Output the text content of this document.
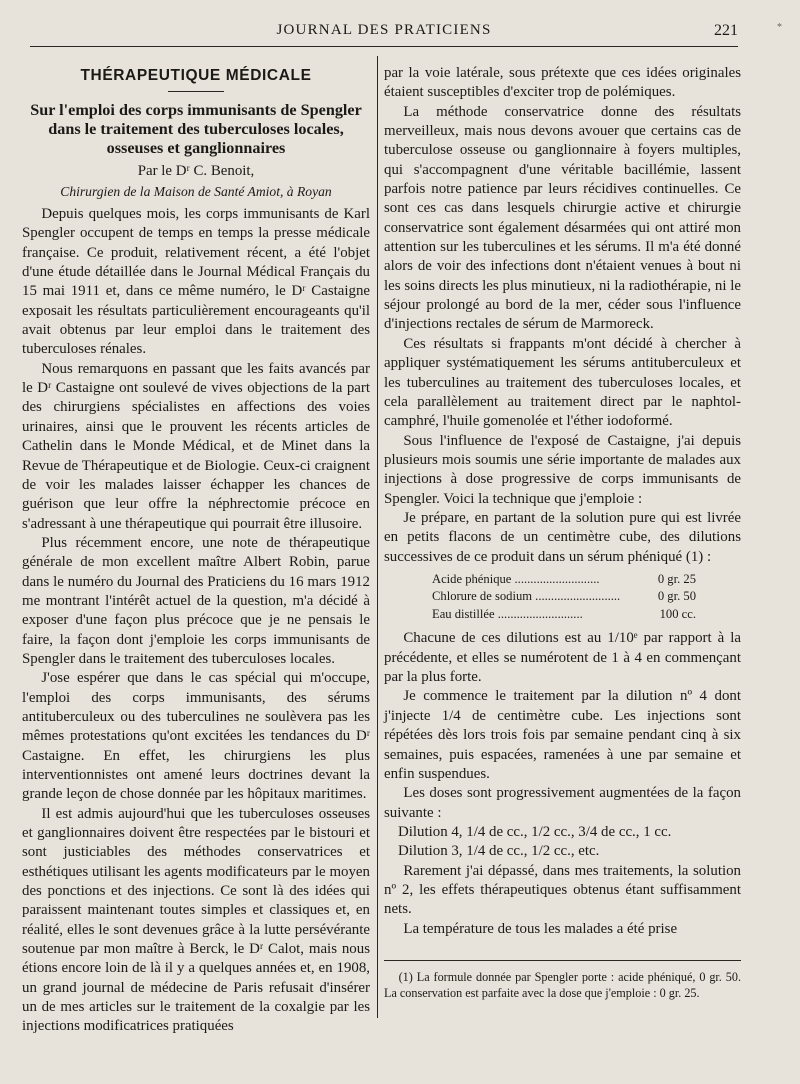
JOURNAL DES PRATICIENS	221	*
THÉRAPEUTIQUE MÉDICALE
Sur l'emploi des corps immunisants de Spengler dans le traitement des tuberculoses locales, osseuses et ganglionnaires

Par le Dʳ C. Benoit,

Chirurgien de la Maison de Santé Amiot, à Royan

Depuis quelques mois, les corps immunisants de Karl Spengler occupent de temps en temps la presse médicale française. Ce produit, relativement récent, a été l'objet d'une étude détaillée dans le Journal Médical Français du 15 mai 1911 et, dans ce même numéro, le Dʳ Castaigne exposait les résultats particulièrement encourageants qu'il avait obtenus par leur emploi dans le traitement des tuberculoses rénales.

Nous remarquons en passant que les faits avancés par le Dʳ Castaigne ont soulevé de vives objections de la part des chirurgiens spécialistes en affections des voies urinaires, ainsi que le prouvent les récents articles de Cathelin dans le Monde Médical, et de Minet dans la Revue de Thérapeutique et de Biologie. Ceux-ci craignent de voir les malades laisser échapper les chances de guérison que leur offre la néphrectomie précoce en s'adressant à une thérapeutique qui pourrait être illusoire.

Plus récemment encore, une note de thérapeutique générale de mon excellent maître Albert Robin, parue dans le numéro du Journal des Praticiens du 16 mars 1912 me montrant l'intérêt actuel de la question, m'a décidé à exposer d'une façon plus précoce que je ne pensais le faire, la façon dont j'emploie les corps immunisants de Spengler dans le traitement des tuberculoses locales.

J'ose espérer que dans le cas spécial qui m'occupe, l'emploi des corps immunisants, des sérums antituberculeux ou des tuberculines ne soulèvera pas les mêmes protestations qu'ont excitées les tendances du Dʳ Castaigne. En effet, les chirurgiens les plus interventionnistes ont amené leurs doctrines devant la grande leçon de chose donnée par les hôpitaux maritimes.

Il est admis aujourd'hui que les tuberculoses osseuses et ganglionnaires doivent être respectées par le bistouri et sont justiciables des méthodes conservatrices et esthétiques utilisant les agents modificateurs par le moyen des ponctions et des injections. Ce sont là des idées qui paraissent maintenant toutes simples et classiques et, en réalité, elles le sont devenues grâce à la lutte persévérante soutenue par mon maître à Berck, le Dʳ Calot, mais nous étions encore loin de là il y a quelques années et, en 1908, un grand journal de médecine de Paris refusait d'insérer un de mes articles sur le traitement de la coxalgie par les injections modificatrices pratiquées

par la voie latérale, sous prétexte que ces idées originales étaient susceptibles d'exciter trop de polémiques.

La méthode conservatrice donne des résultats merveilleux, mais nous devons avouer que certains cas de tuberculose osseuse ou ganglionnaire à foyers multiples, qui s'accompagnent d'une véritable bacillémie, lassent parfois notre patience par leurs récidives continuelles. Ce sont ces cas dans lesquels chirurgie active et chirurgie conservatrice sont également désarmées qui ont attiré mon attention sur les tuberculines et les sérums. Il m'a été donné alors de voir des infections dont n'étaient venues à bout ni les soins directs les plus minutieux, ni la radiothérapie, ni le séjour prolongé au bord de la mer, céder sous l'influence d'injections rectales de sérum de Marmoreck.

Ces résultats si frappants m'ont décidé à chercher à appliquer systématiquement les sérums antituberculeux et les tuberculines au traitement des tuberculoses locales, et cela parallèlement au traitement direct par le naphtol-camphré, l'huile gomenolée et l'éther iodoformé.

Sous l'influence de l'exposé de Castaigne, j'ai depuis plusieurs mois soumis une série importante de malades aux injections à dose progressive de corps immunisants de Spengler. Voici la technique que j'emploie :

Je prépare, en partant de la solution pure qui est livrée en petits flacons de un centimètre cube, des dilutions successives de ce produit dans un sérum phéniqué (1) :

Acide phénique ...........................	0 gr. 25
Chlorure de sodium ...........................	0 gr. 50
Eau distillée ...........................	100 cc.

Chacune de ces dilutions est au 1/10ᵉ par rapport à la précédente, et elles se numérotent de 1 à 4 en commençant par la plus forte.

Je commence le traitement par la dilution nº 4 dont j'injecte 1/4 de centimètre cube. Les injections sont répétées dès lors trois fois par semaine pendant cinq à six semaines, puis espacées, ramenées à une par semaine et enfin suspendues.

Les doses sont progressivement augmentées de la façon suivante :

Dilution 4, 1/4 de cc., 1/2 cc., 3/4 de cc., 1 cc.

Dilution 3, 1/4 de cc., 1/2 cc., etc.

Rarement j'ai dépassé, dans mes traitements, la solution nº 2, les effets thérapeutiques obtenus étant suffisamment nets.

La température de tous les malades a été prise

(1) La formule donnée par Spengler porte : acide phéniqué, 0 gr. 50. La conservation est parfaite avec la dose que j'emploie : 0 gr. 25.
